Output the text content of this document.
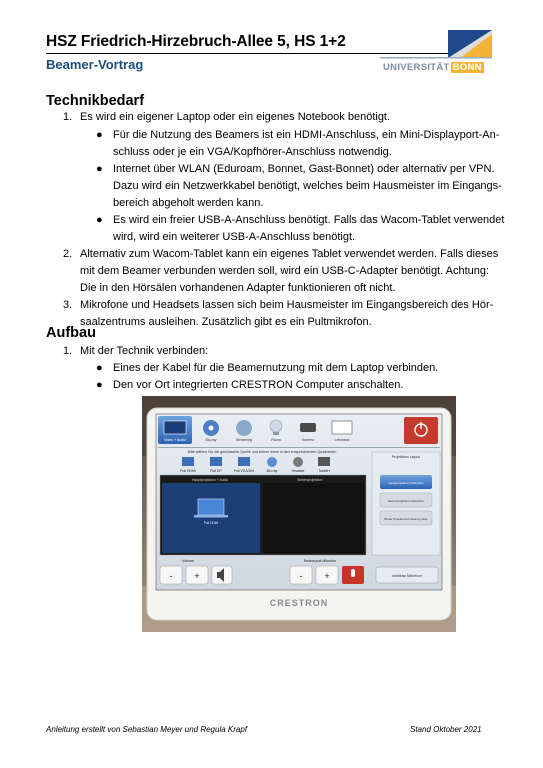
HSZ Friedrich-Hirzebruch-Allee 5, HS 1+2
Beamer-Vortrag	UNIVERSITÄT BONN
Technikbedarf
1. Es wird ein eigener Laptop oder ein eigenes Notebook benötigt.
● Für die Nutzung des Beamers ist ein HDMI-Anschluss, ein Mini-Displayport-An-
schluss oder je ein VGA/Kopfhörer-Anschluss notwendig.
● Internet über WLAN (Eduroam, Bonnet, Gast-Bonnet) oder alternativ per VPN.
Dazu wird ein Netzwerkkabel benötigt, welches beim Hausmeister im Eingangs-
bereich abgeholt werden kann.
● Es wird ein freier USB-A-Anschluss benötigt. Falls das Wacom-Tablet verwendet
wird, wird ein weiterer USB-A-Anschluss benötigt.
2. Alternativ zum Wacom-Tablet kann ein eigenes Tablet verwendet werden. Falls dieses
mit dem Beamer verbunden werden soll, wird ein USB-C-Adapter benötigt. Achtung:
Die in den Hörsälen vorhandenen Adapter funktionieren oft nicht.
3. Mikrofone und Headsets lassen sich beim Hausmeister im Eingangsbereich des Hör-
saalzentrums ausleihen. Zusätzlich gibt es ein Pultmikrofon.
Aufbau
1. Mit der Technik verbinden:
● Eines der Kabel für die Beamernutzung mit dem Laptop verbinden.
● Den vor Ort integrierten CRESTRON Computer anschalten.
Video + Audio	Blu-ray	Streaming	Raum	Kamera	Leinwand
Bitte wählen Sie die gewünschte Quelle und ziehen diese in den entsprechenden Quadranten
Pult HDMI	Pult DP	Pult VGA/DVI	Blu-ray	Headset	TabletH
Hauptprojektion + Audio	Nebenprojektion
Pult HDMI
Projektions Layout
Hauptprojektion Vollschirm
Nebenprojektion Vollschirm
Beide Projektionen Side-by-Side
Volume	Rednerpult Mikrofon
- +	- +	drahtlose Mikrofone
CRESTRON
Anleitung erstellt von Sebastian Meyer und Regula Krapf	Stand Oktober 2021
